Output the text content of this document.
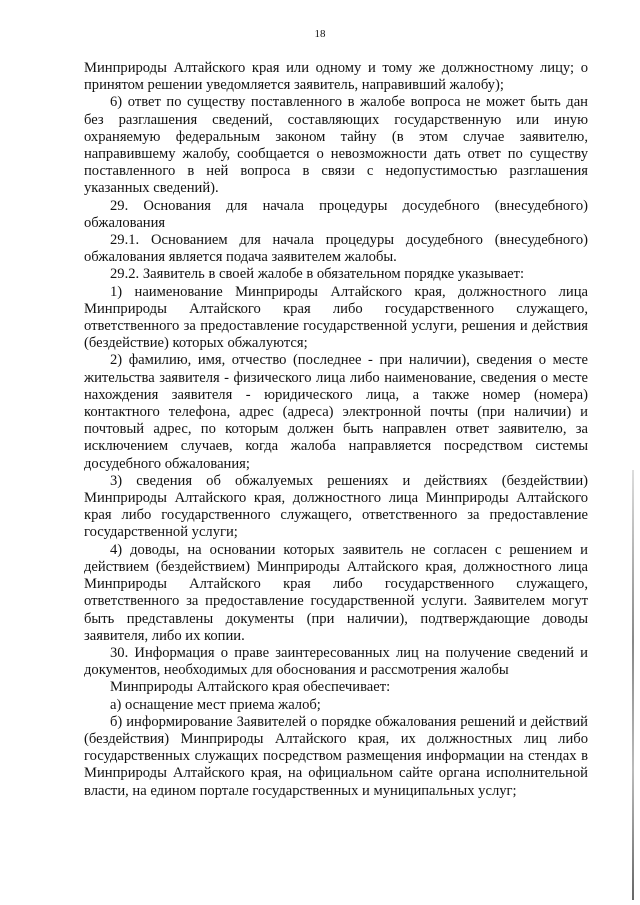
18

Минприроды Алтайского края или одному и тому же должностному лицу; о принятом решении уведомляется заявитель, направивший жалобу);

6) ответ по существу поставленного в жалобе вопроса не может быть дан без разглашения сведений, составляющих государственную или иную охраняемую федеральным законом тайну (в этом случае заявителю, направившему жалобу, сообщается о невозможности дать ответ по существу поставленного в ней вопроса в связи с недопустимостью разглашения указанных сведений).

29. Основания для начала процедуры досудебного (внесудебного) обжалования

29.1. Основанием для начала процедуры досудебного (внесудебного) обжалования является подача заявителем жалобы.

29.2. Заявитель в своей жалобе в обязательном порядке указывает:

1) наименование Минприроды Алтайского края, должностного лица Минприроды Алтайского края либо государственного служащего, ответственного за предоставление государственной услуги, решения и действия (бездействие) которых обжалуются;

2) фамилию, имя, отчество (последнее - при наличии), сведения о месте жительства заявителя - физического лица либо наименование, сведения о месте нахождения заявителя - юридического лица, а также номер (номера) контактного телефона, адрес (адреса) электронной почты (при наличии) и почтовый адрес, по которым должен быть направлен ответ заявителю, за исключением случаев, когда жалоба направляется посредством системы досудебного обжалования;

3) сведения об обжалуемых решениях и действиях (бездействии) Минприроды Алтайского края, должностного лица Минприроды Алтайского края либо государственного служащего, ответственного за предоставление государственной услуги;

4) доводы, на основании которых заявитель не согласен с решением и действием (бездействием) Минприроды Алтайского края, должностного лица Минприроды Алтайского края либо государственного служащего, ответственного за предоставление государственной услуги. Заявителем могут быть представлены документы (при наличии), подтверждающие доводы заявителя, либо их копии.

30. Информация о праве заинтересованных лиц на получение сведений и документов, необходимых для обоснования и рассмотрения жалобы

Минприроды Алтайского края обеспечивает:

а) оснащение мест приема жалоб;

б) информирование Заявителей о порядке обжалования решений и действий (бездействия) Минприроды Алтайского края, их должностных лиц либо государственных служащих посредством размещения информации на стендах в Минприроды Алтайского края, на официальном сайте органа исполнительной власти, на едином портале государственных и муниципальных услуг;
